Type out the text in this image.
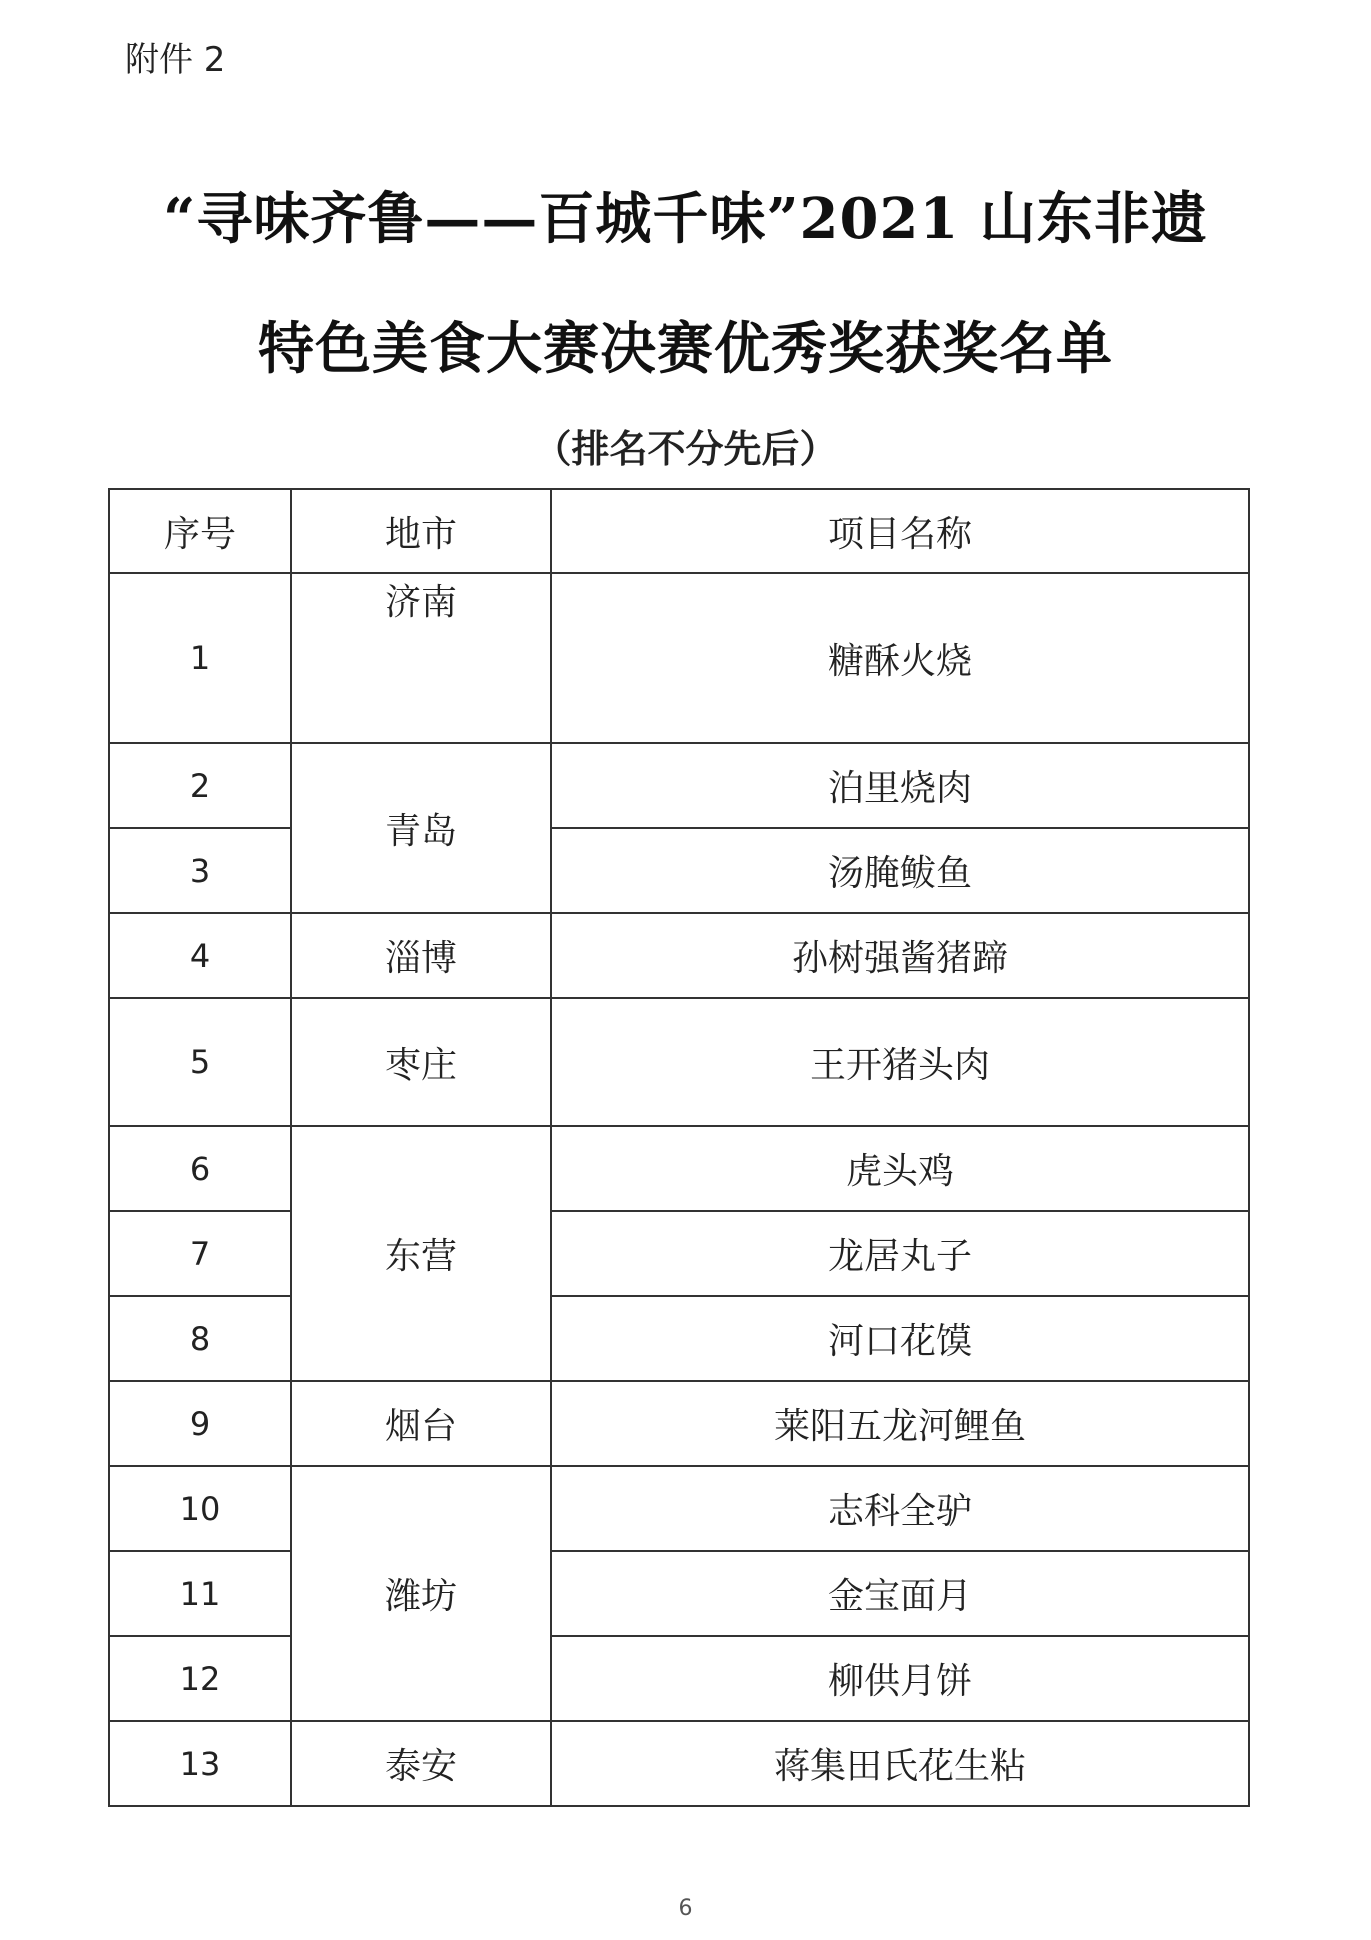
附件 2
“寻味齐鲁——百城千味”2021 山东非遗
特色美食大赛决赛优秀奖获奖名单
（排名不分先后）
序号	地市	项目名称
1	济南	糖酥火烧
2	青岛	泊里烧肉
3		汤腌鲅鱼
4	淄博	孙树强酱猪蹄
5	枣庄	王开猪头肉
6	东营	虎头鸡
7		龙居丸子
8		河口花馍
9	烟台	莱阳五龙河鲤鱼
10	潍坊	志科全驴
11		金宝面月
12		柳供月饼
13	泰安	蒋集田氏花生粘
6
